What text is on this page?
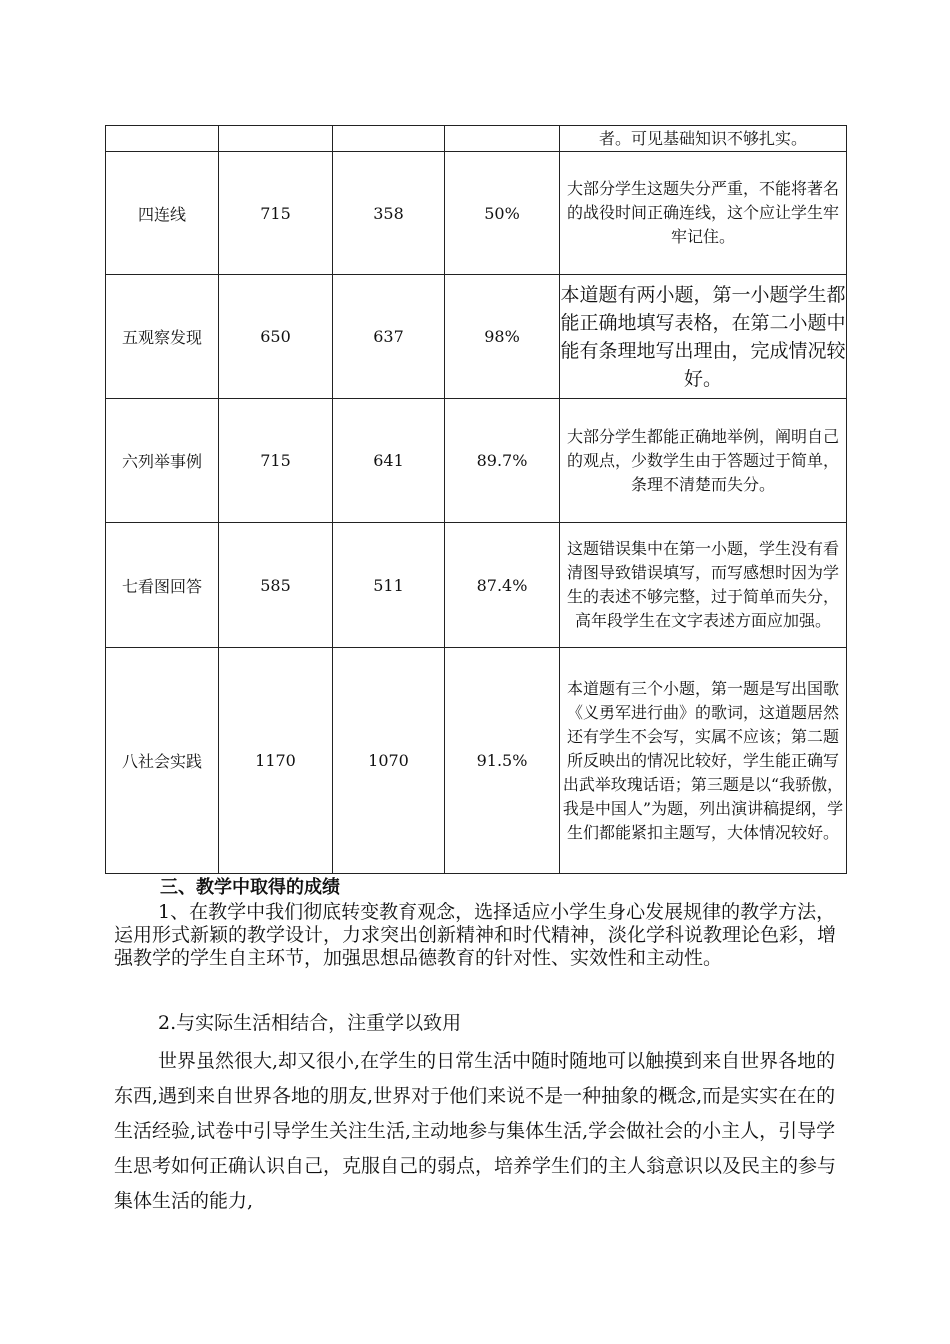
				者。可见基础知识不够扎实。
四连线	715	358	50%	大部分学生这题失分严重，不能将著名的战役时间正确连线，这个应让学生牢牢记住。
五观察发现	650	637	98%	本道题有两小题，第一小题学生都能正确地填写表格，在第二小题中能有条理地写出理由，完成情况较好。
六列举事例	715	641	89.7%	大部分学生都能正确地举例，阐明自己的观点，少数学生由于答题过于简单，条理不清楚而失分。
七看图回答	585	511	87.4%	这题错误集中在第一小题，学生没有看清图导致错误填写，而写感想时因为学生的表述不够完整，过于简单而失分，高年段学生在文字表述方面应加强。
八社会实践	1170	1070	91.5%	本道题有三个小题，第一题是写出国歌《义勇军进行曲》的歌词，这道题居然还有学生不会写，实属不应该；第二题所反映出的情况比较好，学生能正确写出武举玫瑰话语；第三题是以“我骄傲，我是中国人”为题，列出演讲稿提纲，学生们都能紧扣主题写，大体情况较好。
三、教学中取得的成绩
1、在教学中我们彻底转变教育观念，选择适应小学生身心发展规律的教学方法，运用形式新颖的教学设计，力求突出创新精神和时代精神，淡化学科说教理论色彩，增强教学的学生自主环节，加强思想品德教育的针对性、实效性和主动性。
2.与实际生活相结合，注重学以致用
世界虽然很大,却又很小,在学生的日常生活中随时随地可以触摸到来自世界各地的东西,遇到来自世界各地的朋友,世界对于他们来说不是一种抽象的概念,而是实实在在的生活经验,试卷中引导学生关注生活,主动地参与集体生活,学会做社会的小主人，引导学生思考如何正确认识自己，克服自己的弱点，培养学生们的主人翁意识以及民主的参与集体生活的能力,
